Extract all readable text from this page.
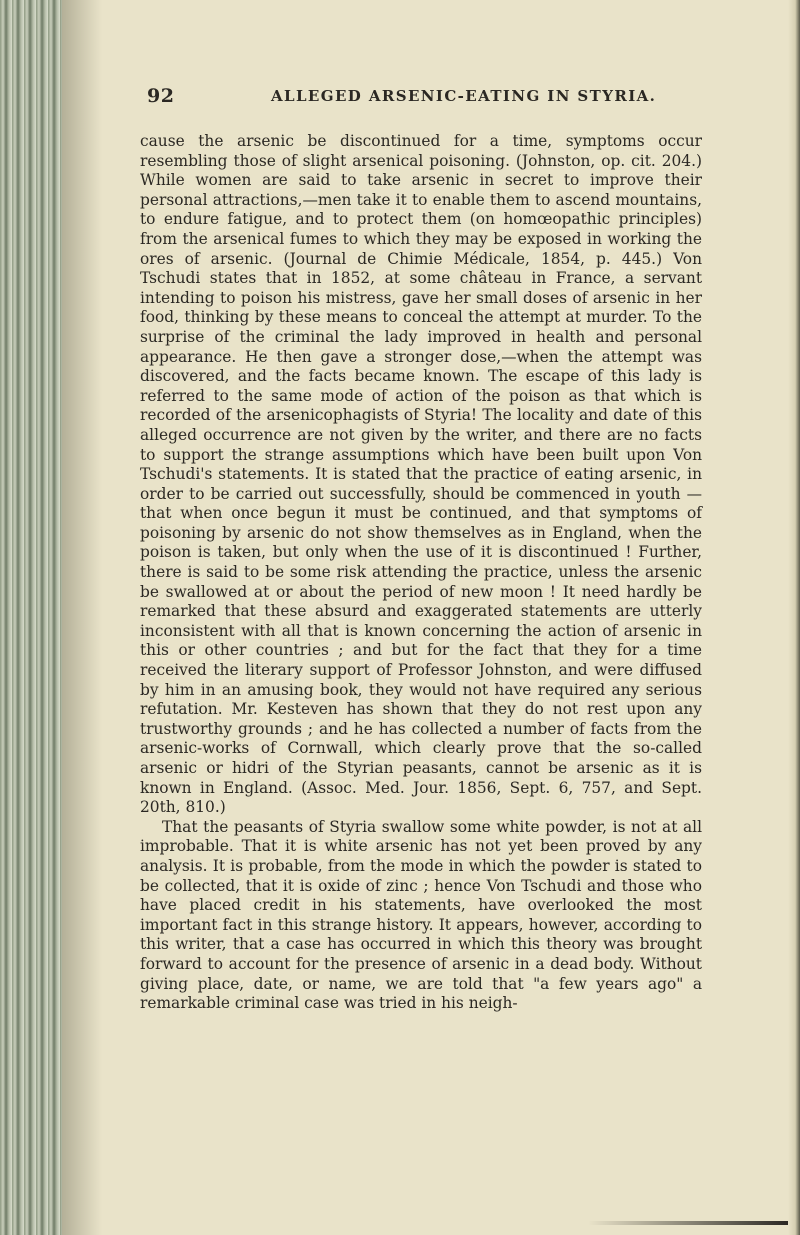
92	ALLEGED ARSENIC-EATING IN STYRIA.

cause the arsenic be discontinued for a time, symptoms occur resembling those of slight arsenical poisoning. (Johnston, op. cit. 204.) While women are said to take arsenic in secret to improve their personal attractions,—men take it to enable them to ascend mountains, to endure fatigue, and to protect them (on homœopathic principles) from the arsenical fumes to which they may be exposed in working the ores of arsenic. (Journal de Chimie Médicale, 1854, p. 445.) Von Tschudi states that in 1852, at some château in France, a servant intending to poison his mistress, gave her small doses of arsenic in her food, thinking by these means to conceal the attempt at murder. To the surprise of the criminal the lady improved in health and personal appearance. He then gave a stronger dose,—when the attempt was discovered, and the facts became known. The escape of this lady is referred to the same mode of action of the poison as that which is recorded of the arsenicophagists of Styria! The locality and date of this alleged occurrence are not given by the writer, and there are no facts to support the strange assumptions which have been built upon Von Tschudi's statements. It is stated that the practice of eating arsenic, in order to be carried out successfully, should be commenced in youth — that when once begun it must be continued, and that symptoms of poisoning by arsenic do not show themselves as in England, when the poison is taken, but only when the use of it is discontinued ! Further, there is said to be some risk attending the practice, unless the arsenic be swallowed at or about the period of new moon ! It need hardly be remarked that these absurd and exaggerated statements are utterly inconsistent with all that is known concerning the action of arsenic in this or other countries ; and but for the fact that they for a time received the literary support of Professor Johnston, and were diffused by him in an amusing book, they would not have required any serious refutation. Mr. Kesteven has shown that they do not rest upon any trustworthy grounds ; and he has collected a number of facts from the arsenic-works of Cornwall, which clearly prove that the so-called arsenic or hidri of the Styrian peasants, cannot be arsenic as it is known in England. (Assoc. Med. Jour. 1856, Sept. 6, 757, and Sept. 20th, 810.)

That the peasants of Styria swallow some white powder, is not at all improbable. That it is white arsenic has not yet been proved by any analysis. It is probable, from the mode in which the powder is stated to be collected, that it is oxide of zinc ; hence Von Tschudi and those who have placed credit in his statements, have overlooked the most important fact in this strange history. It appears, however, according to this writer, that a case has occurred in which this theory was brought forward to account for the presence of arsenic in a dead body. Without giving place, date, or name, we are told that "a few years ago" a remarkable criminal case was tried in his neigh-
